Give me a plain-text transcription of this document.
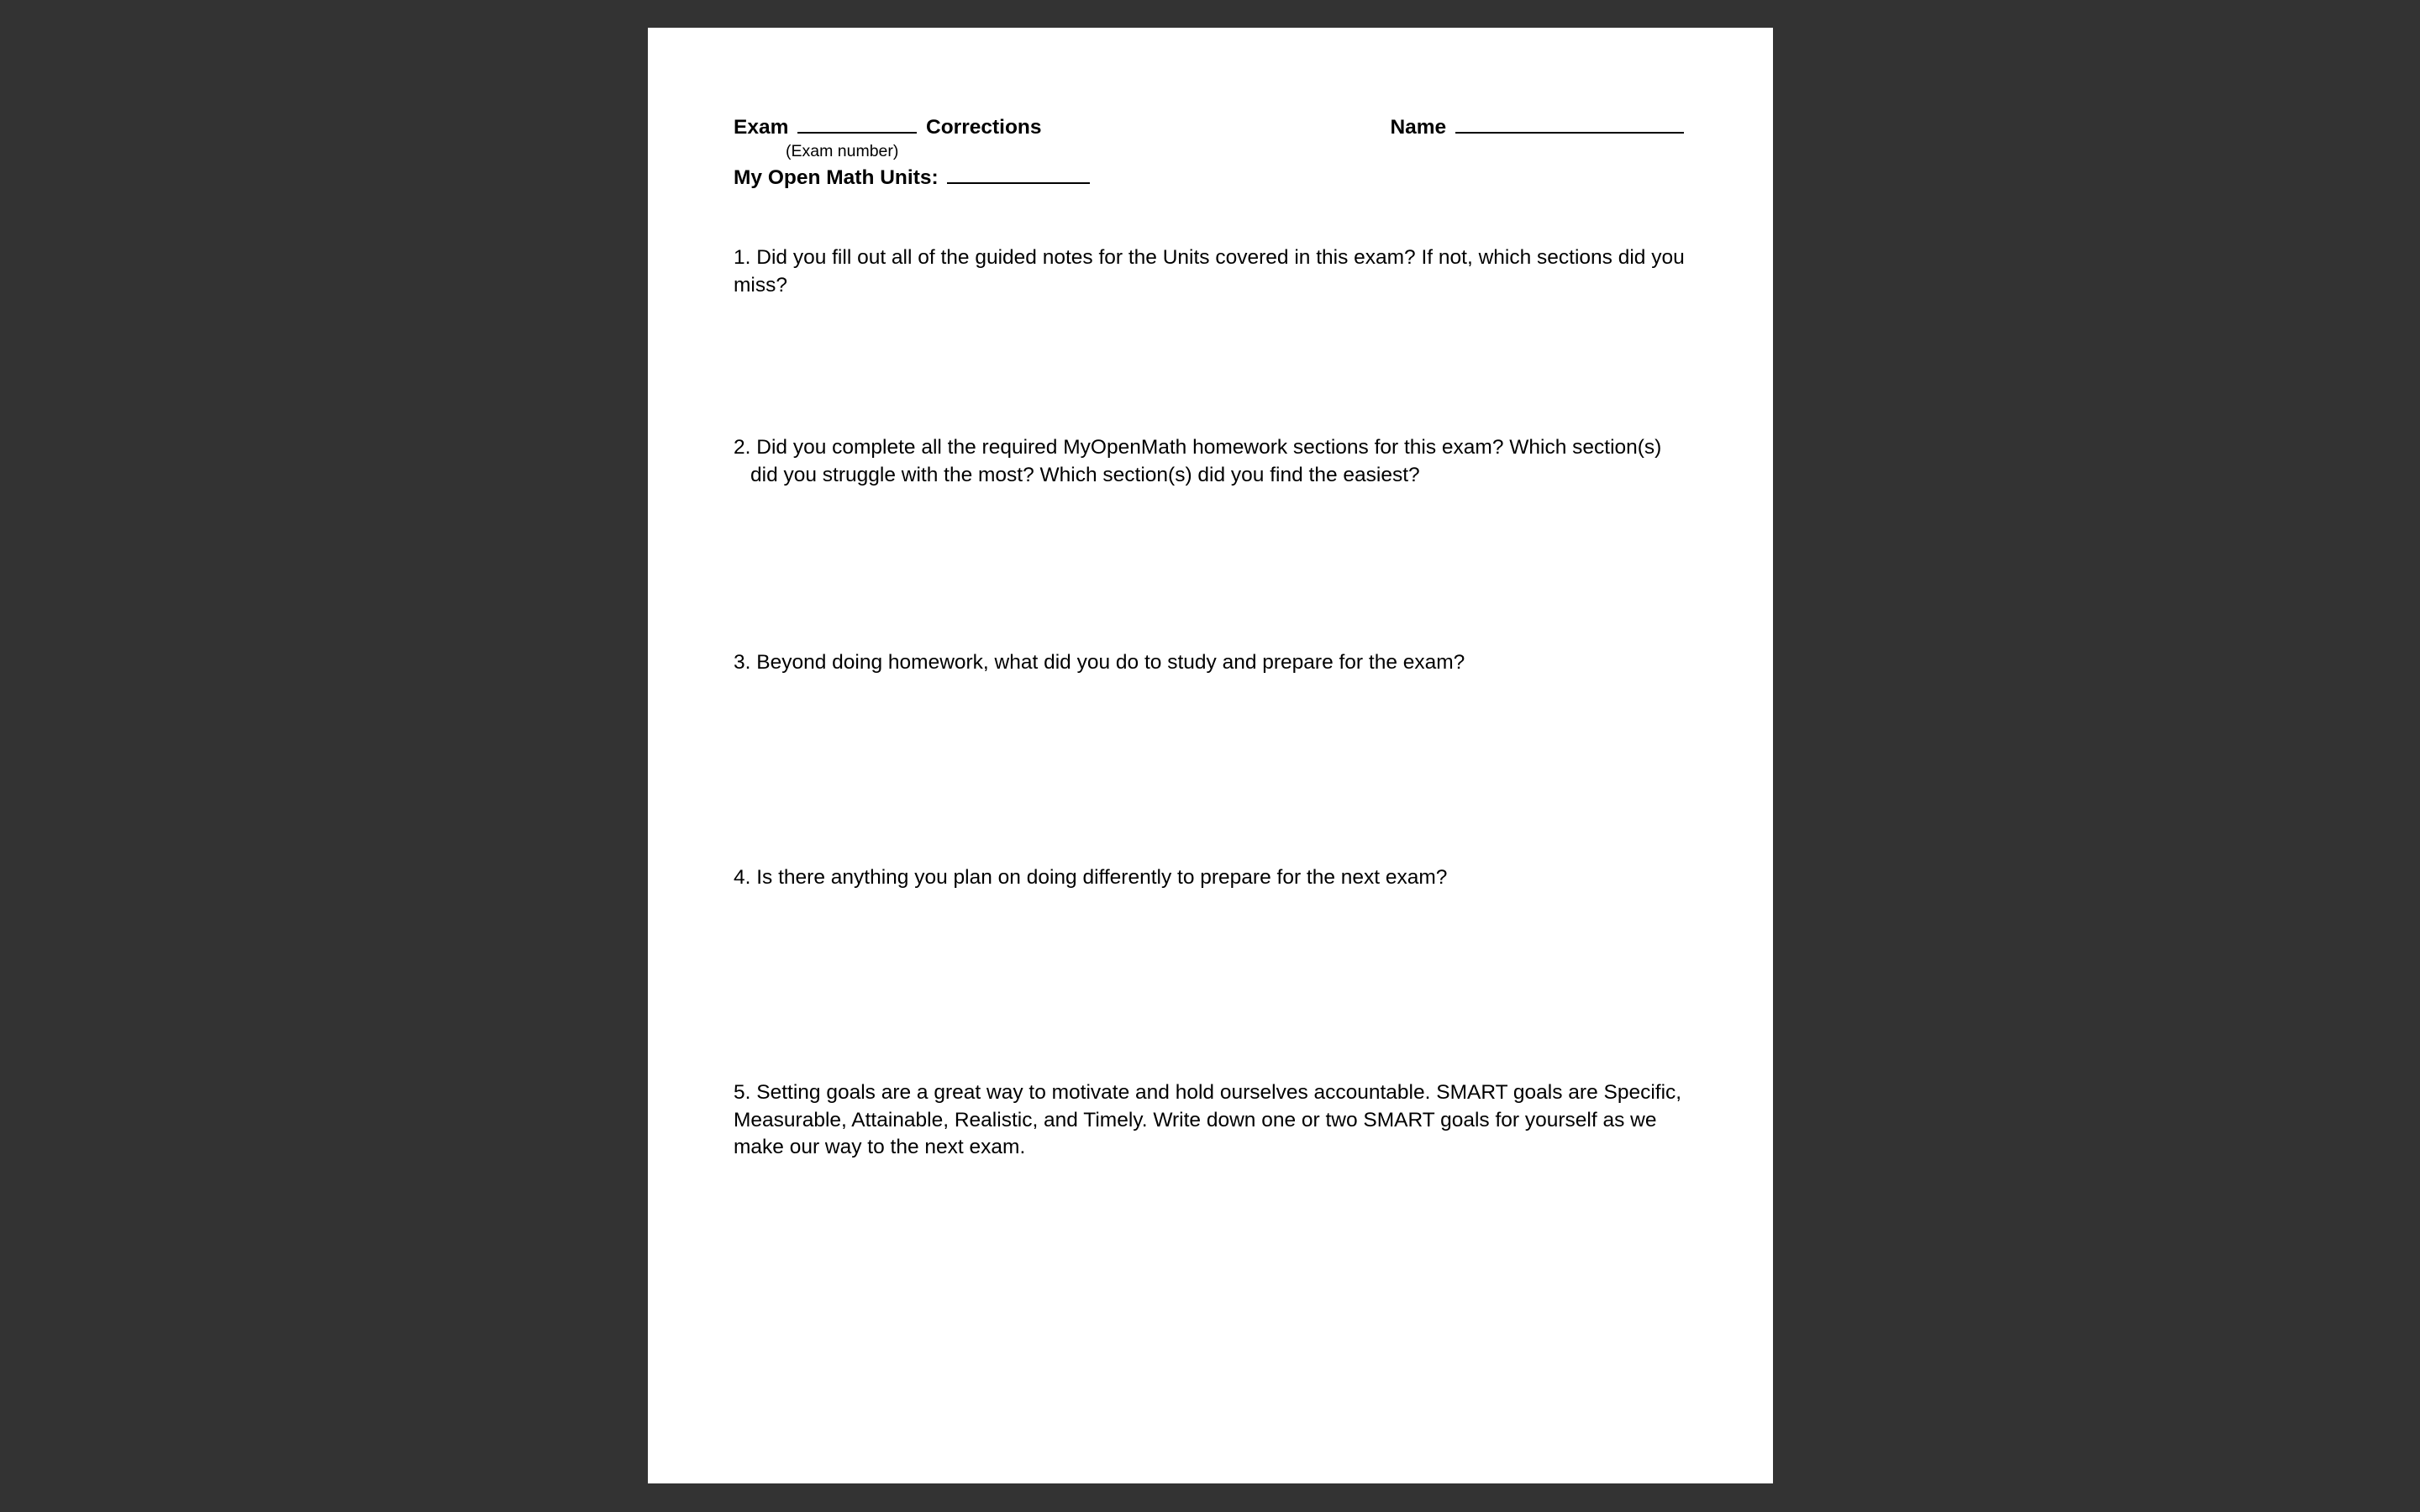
Exam	Corrections	Name
(Exam number)
My Open Math Units:
1. Did you fill out all of the guided notes for the Units covered in this exam? If not, which sections did you miss?
2. Did you complete all the required MyOpenMath homework sections for this exam? Which section(s)
did you struggle with the most? Which section(s) did you find the easiest?
3. Beyond doing homework, what did you do to study and prepare for the exam?
4. Is there anything you plan on doing differently to prepare for the next exam?
5. Setting goals are a great way to motivate and hold ourselves accountable. SMART goals are Specific, Measurable, Attainable, Realistic, and Timely. Write down one or two SMART goals for yourself as we make our way to the next exam.
